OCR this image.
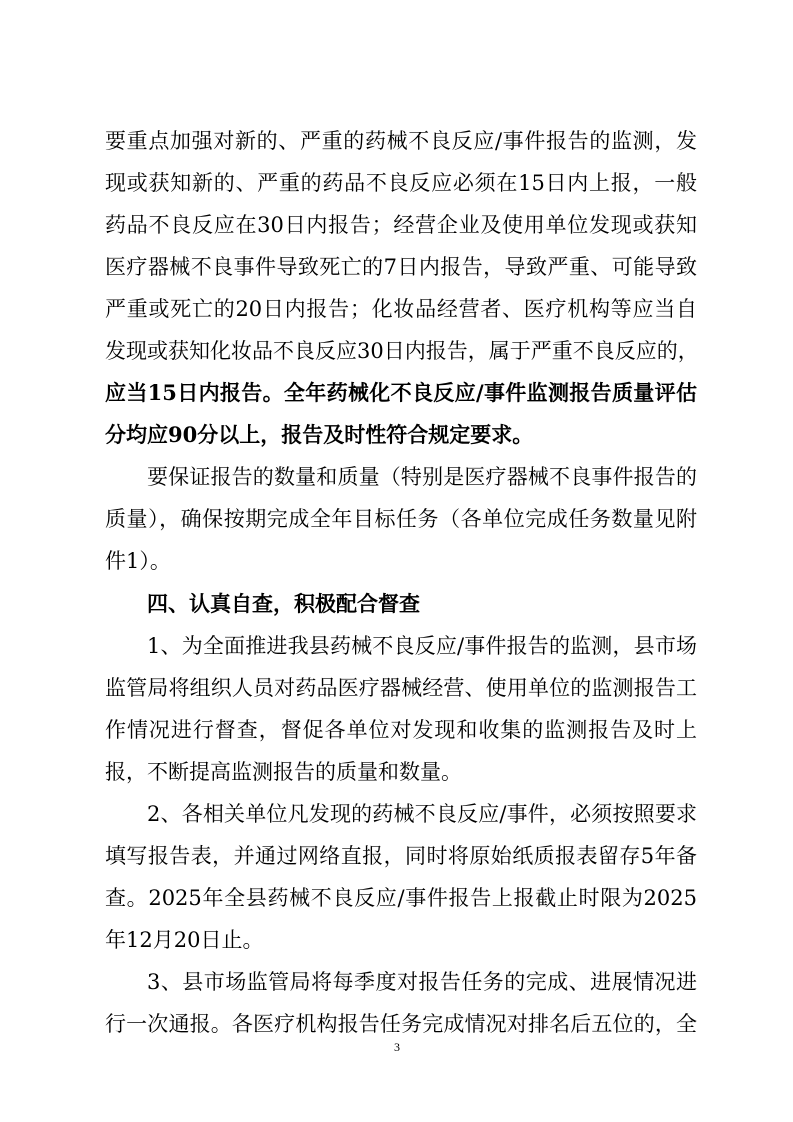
要重点加强对新的、严重的药械不良反应/事件报告的监测，发
现或获知新的、严重的药品不良反应必须在15日内上报，一般
药品不良反应在30日内报告；经营企业及使用单位发现或获知
医疗器械不良事件导致死亡的7日内报告，导致严重、可能导致
严重或死亡的20日内报告；化妆品经营者、医疗机构等应当自
发现或获知化妆品不良反应30日内报告，属于严重不良反应的，
应当15日内报告。全年药械化不良反应/事件监测报告质量评估
分均应90分以上，报告及时性符合规定要求。
要保证报告的数量和质量（特别是医疗器械不良事件报告的
质量），确保按期完成全年目标任务（各单位完成任务数量见附
件1）。
四、认真自查，积极配合督查
1、为全面推进我县药械不良反应/事件报告的监测，县市场
监管局将组织人员对药品医疗器械经营、使用单位的监测报告工
作情况进行督查，督促各单位对发现和收集的监测报告及时上
报，不断提高监测报告的质量和数量。
2、各相关单位凡发现的药械不良反应/事件，必须按照要求
填写报告表，并通过网络直报，同时将原始纸质报表留存5年备
查。2025年全县药械不良反应/事件报告上报截止时限为2025
年12月20日止。
3、县市场监管局将每季度对报告任务的完成、进展情况进
行一次通报。各医疗机构报告任务完成情况对排名后五位的，全
3
